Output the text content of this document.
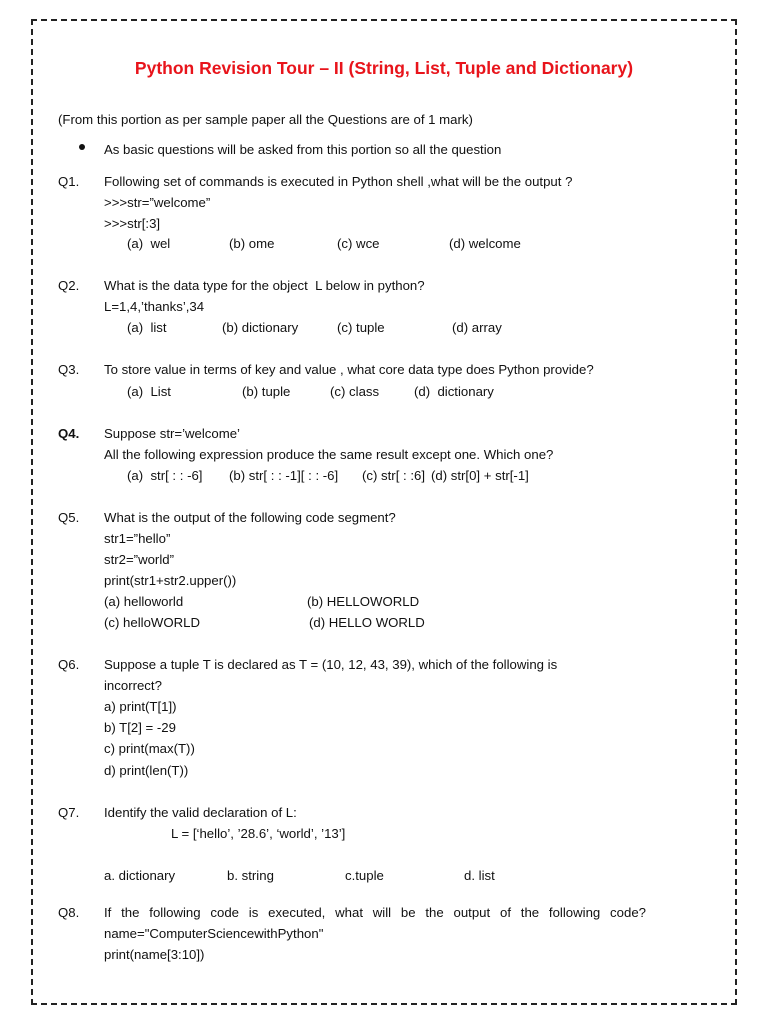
Python Revision Tour – II (String, List, Tuple and Dictionary)
(From this portion as per sample paper all the Questions are of 1 mark)
As basic questions will be asked from this portion so all the question
Q1. Following set of commands is executed in Python shell ,what will be the output ?
>>>str=”welcome”
>>>str[:3]
(a)  wel	(b) ome	(c) wce	(d) welcome
Q2. What is the data type for the object  L below in python?
L=1,4,’thanks’,34
(a)  list	(b) dictionary	(c) tuple	(d) array
Q3. To store value in terms of key and value , what core data type does Python provide?
(a)  List	(b) tuple	(c) class	(d)  dictionary
Q4. Suppose str=’welcome’
All the following expression produce the same result except one. Which one?
(a)  str[ : : -6] (b) str[ : : -1][ : : -6] (c) str[ : :6] (d) str[0] + str[-1]
Q5. What is the output of the following code segment?
str1=”hello”
str2=”world”
print(str1+str2.upper())
(a) helloworld	(b) HELLOWORLD
(c) helloWORLD	(d) HELLO WORLD
Q6. Suppose a tuple T is declared as T = (10, 12, 43, 39), which of the following is
incorrect?
a) print(T[1])
b) T[2] = -29
c) print(max(T))
d) print(len(T))
Q7. Identify the valid declaration of L:
L = [‘hello’, ’28.6’, ‘world’, ’13’]
a. dictionary	b. string	c.tuple	d. list
Q8. If the following code is executed, what will be the output of the following code?
name="ComputerSciencewithPython"
print(name[3:10])
